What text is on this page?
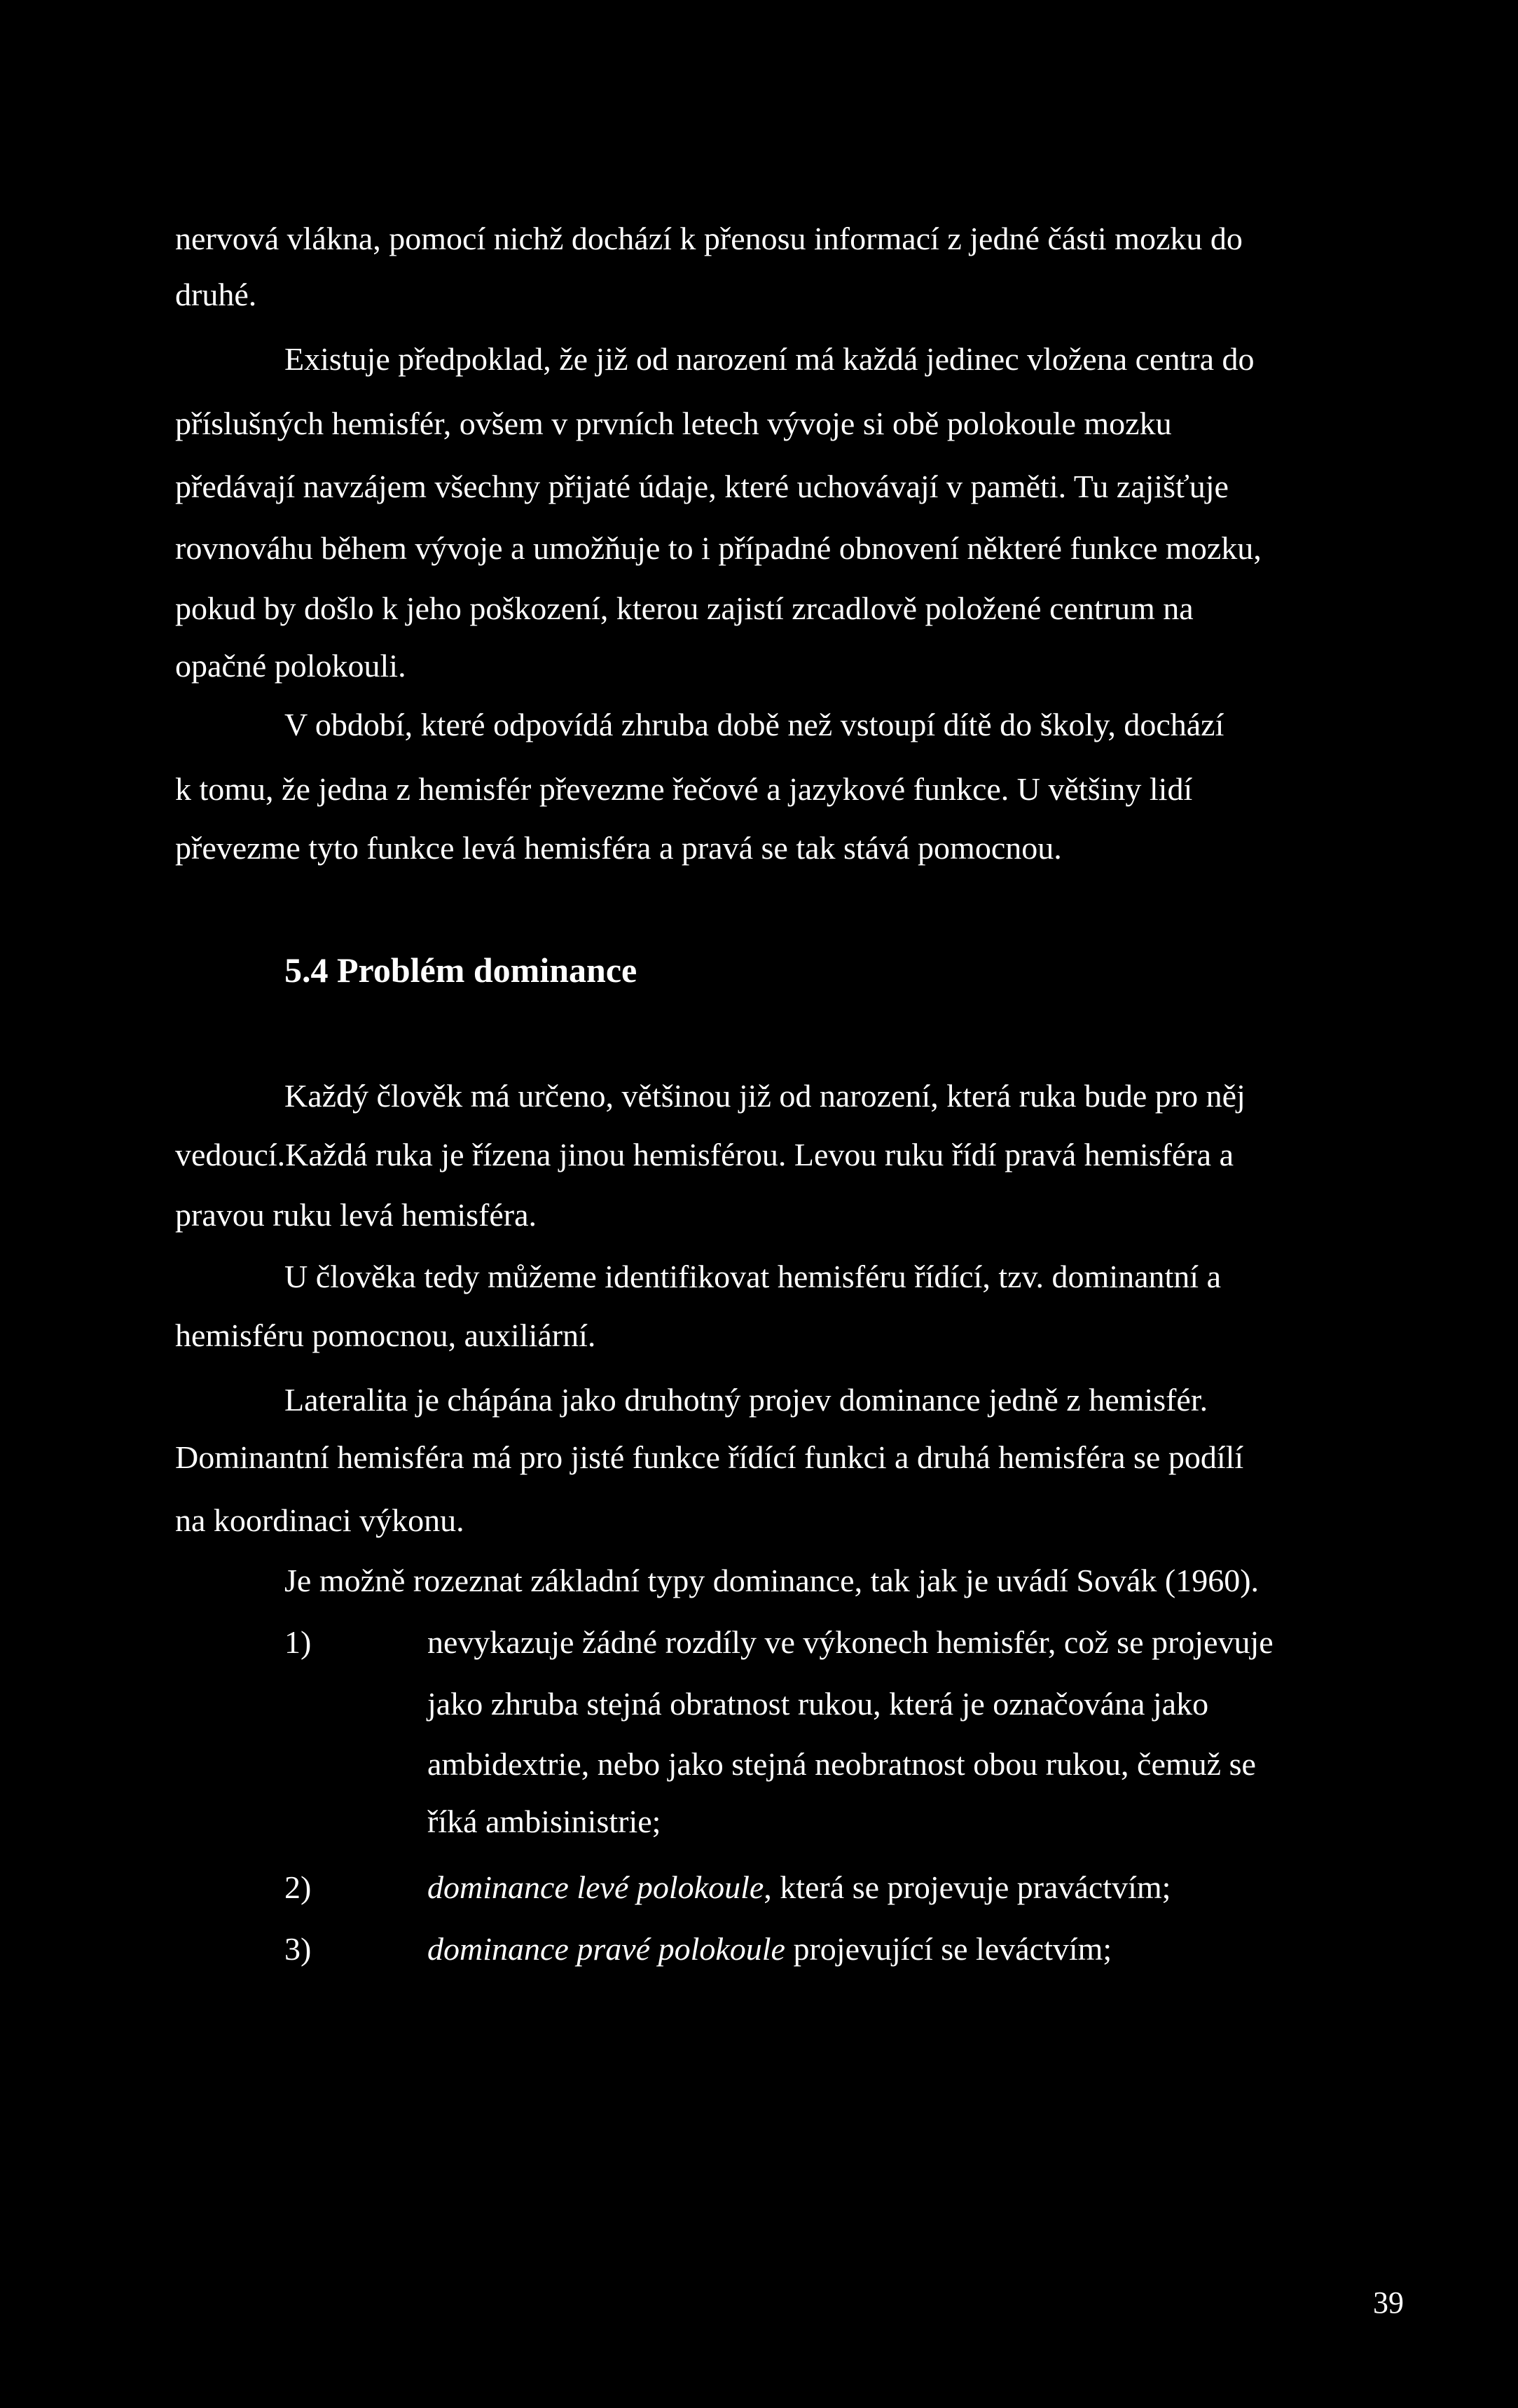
nervová vlákna, pomocí nichž dochází k přenosu informací z jedné části mozku do
druhé.
Existuje předpoklad, že již od narození má každá jedinec vložena centra do
příslušných hemisfér, ovšem v prvních letech vývoje si obě polokoule mozku
předávají navzájem všechny přijaté údaje, které uchovávají v paměti. Tu zajišťuje
rovnováhu během vývoje a umožňuje to i případné obnovení některé funkce mozku,
pokud by došlo k jeho poškození, kterou zajistí zrcadlově položené centrum na
opačné polokouli.
V období, které odpovídá zhruba době než vstoupí dítě do školy, dochází
k tomu, že jedna z hemisfér převezme řečové a jazykové funkce. U většiny lidí
převezme tyto funkce levá hemisféra a pravá se tak stává pomocnou.
5.4 Problém dominance
Každý člověk má určeno, většinou již od narození, která ruka bude pro něj
vedoucí.Každá ruka je řízena jinou hemisférou. Levou ruku řídí pravá hemisféra a
pravou ruku levá hemisféra.
U člověka tedy můžeme identifikovat hemisféru řídící, tzv. dominantní a
hemisféru pomocnou, auxiliární.
Lateralita je chápána jako druhotný projev dominance jedně z hemisfér.
Dominantní hemisféra má pro jisté funkce řídící funkci a druhá hemisféra se podílí
na koordinaci výkonu.
Je možně rozeznat základní typy dominance, tak jak je uvádí Sovák (1960).
1)	nevykazuje žádné rozdíly ve výkonech hemisfér, což se projevuje
jako zhruba stejná obratnost rukou, která je označována jako
ambidextrie, nebo jako stejná neobratnost obou rukou, čemuž se
říká ambisinistrie;
2)	dominance levé polokoule, která se projevuje praváctvím;
3)	dominance pravé polokoule projevující se leváctvím;
39
